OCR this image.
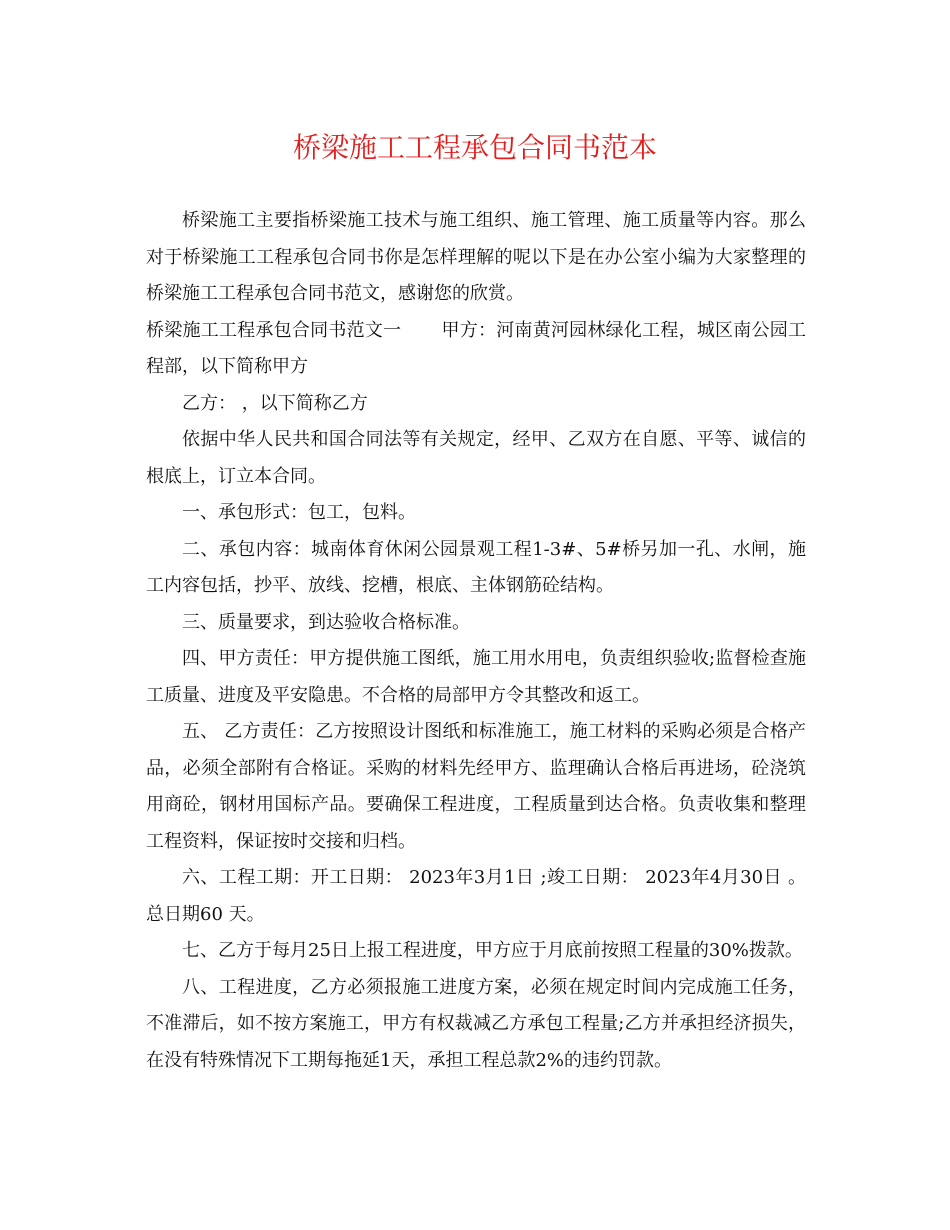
桥梁施工工程承包合同书范本

桥梁施工主要指桥梁施工技术与施工组织、施工管理、施工质量等内容。那么对于桥梁施工工程承包合同书你是怎样理解的呢以下是在办公室小编为大家整理的桥梁施工工程承包合同书范文，感谢您的欣赏。

桥梁施工工程承包合同书范文一 甲方：河南黄河园林绿化工程，城区南公园工程部，以下简称甲方

乙方： ，以下简称乙方

依据中华人民共和国合同法等有关规定，经甲、乙双方在自愿、平等、诚信的根底上，订立本合同。

一、承包形式：包工，包料。

二、承包内容：城南体育休闲公园景观工程1-3#、5#桥另加一孔、水闸，施工内容包括，抄平、放线、挖槽，根底、主体钢筋砼结构。

三、质量要求，到达验收合格标准。

四、甲方责任：甲方提供施工图纸，施工用水用电，负责组织验收;监督检查施工质量、进度及平安隐患。不合格的局部甲方令其整改和返工。

五、 乙方责任：乙方按照设计图纸和标准施工，施工材料的采购必须是合格产品，必须全部附有合格证。采购的材料先经甲方、监理确认合格后再进场，砼浇筑用商砼，钢材用国标产品。要确保工程进度，工程质量到达合格。负责收集和整理工程资料，保证按时交接和归档。

六、工程工期：开工日期： 2023年3月1日 ;竣工日期： 2023年4月30日 。总日期60 天。

七、乙方于每月25日上报工程进度，甲方应于月底前按照工程量的30%拨款。

八、工程进度，乙方必须报施工进度方案，必须在规定时间内完成施工任务，不准滞后，如不按方案施工，甲方有权裁减乙方承包工程量;乙方并承担经济损失，在没有特殊情况下工期每拖延1天，承担工程总款2%的违约罚款。
